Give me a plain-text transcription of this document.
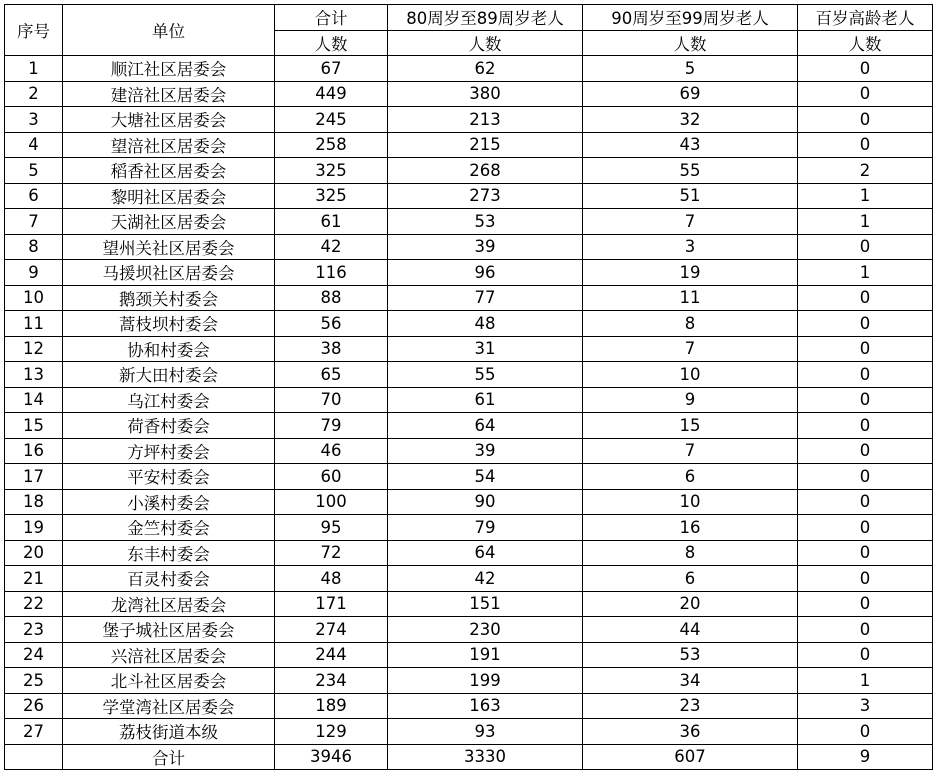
序号	单位	合计	80周岁至89周岁老人	90周岁至99周岁老人	百岁高龄老人
		人数	人数	人数	人数
1	顺江社区居委会	67	62	5	0
2	建涪社区居委会	449	380	69	0
3	大塘社区居委会	245	213	32	0
4	望涪社区居委会	258	215	43	0
5	稻香社区居委会	325	268	55	2
6	黎明社区居委会	325	273	51	1
7	天湖社区居委会	61	53	7	1
8	望州关社区居委会	42	39	3	0
9	马援坝社区居委会	116	96	19	1
10	鹅颈关村委会	88	77	11	0
11	蒿枝坝村委会	56	48	8	0
12	协和村委会	38	31	7	0
13	新大田村委会	65	55	10	0
14	乌江村委会	70	61	9	0
15	荷香村委会	79	64	15	0
16	方坪村委会	46	39	7	0
17	平安村委会	60	54	6	0
18	小溪村委会	100	90	10	0
19	金竺村委会	95	79	16	0
20	东丰村委会	72	64	8	0
21	百灵村委会	48	42	6	0
22	龙湾社区居委会	171	151	20	0
23	堡子城社区居委会	274	230	44	0
24	兴涪社区居委会	244	191	53	0
25	北斗社区居委会	234	199	34	1
26	学堂湾社区居委会	189	163	23	3
27	荔枝街道本级	129	93	36	0
	合计	3946	3330	607	9
